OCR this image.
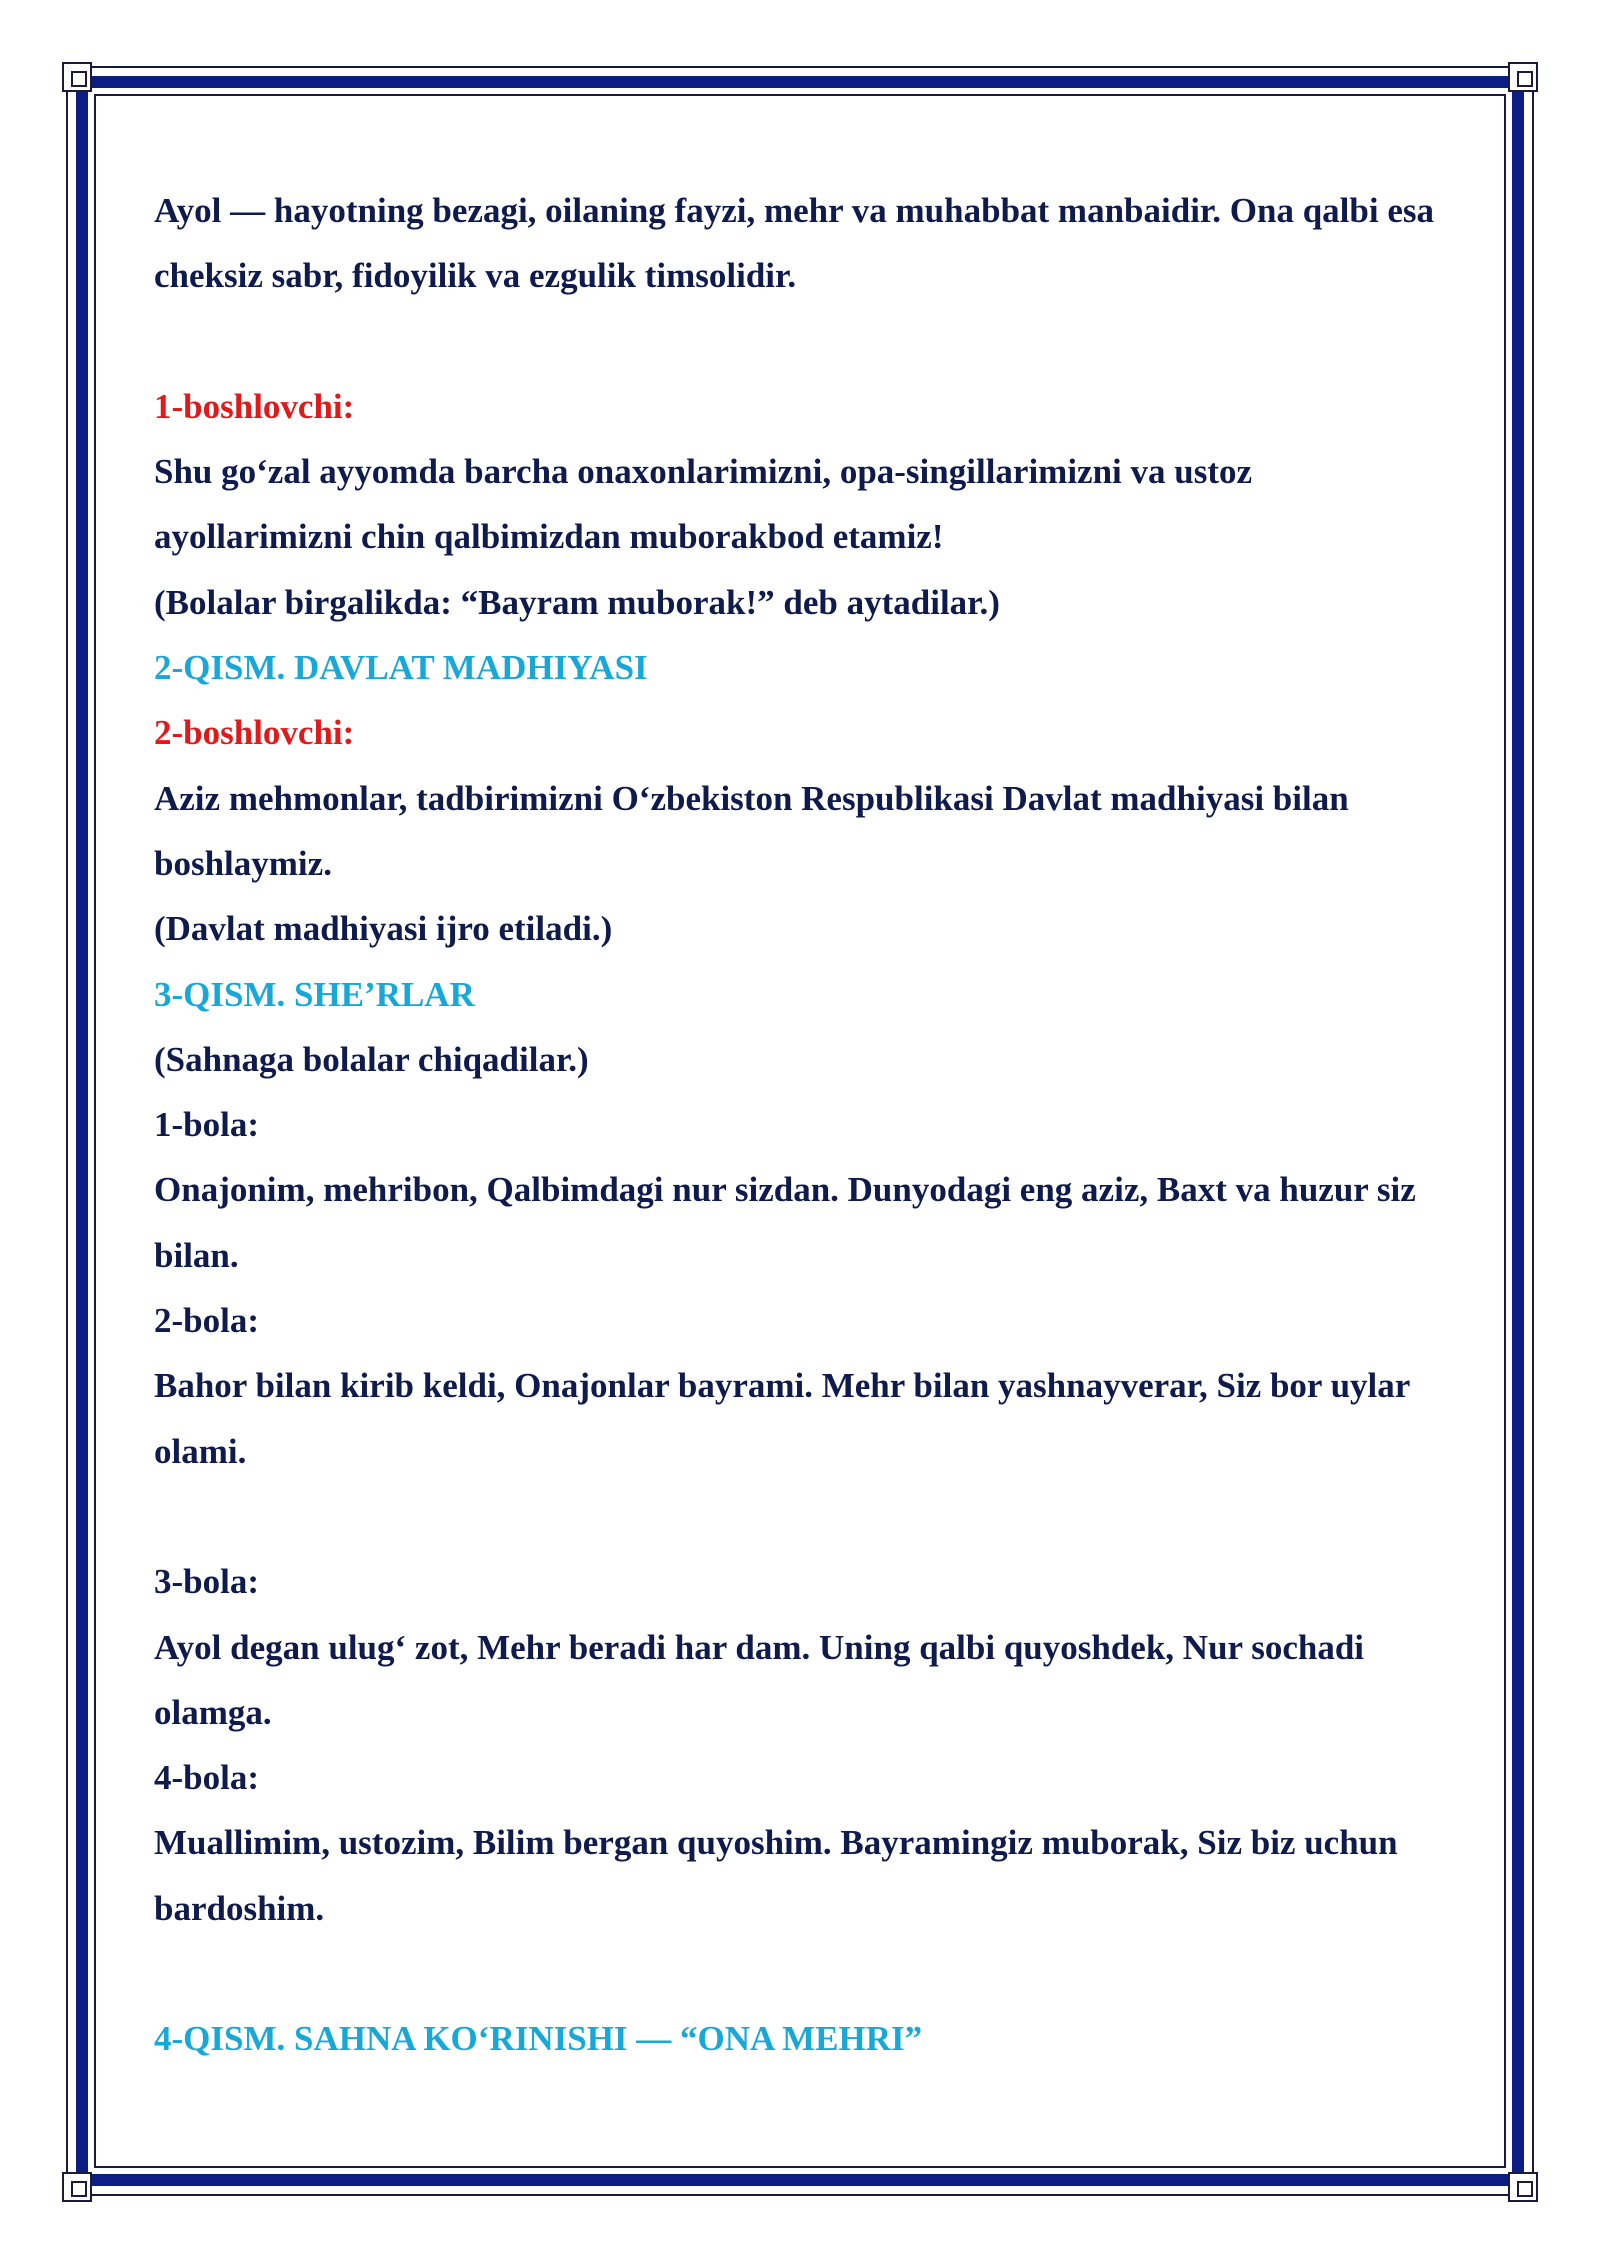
Ayol — hayotning bezagi, oilaning fayzi, mehr va muhabbat manbaidir. Ona qalbi esa cheksiz sabr, fidoyilik va ezgulik timsolidir.

1-boshlovchi:

Shu go‘zal ayyomda barcha onaxonlarimizni, opa-singillarimizni va ustoz ayollarimizni chin qalbimizdan muborakbod etamiz!

(Bolalar birgalikda: “Bayram muborak!” deb aytadilar.)

2-QISM. DAVLAT MADHIYASI

2-boshlovchi:

Aziz mehmonlar, tadbirimizni O‘zbekiston Respublikasi Davlat madhiyasi bilan boshlaymiz.

(Davlat madhiyasi ijro etiladi.)

3-QISM. SHE’RLAR

(Sahnaga bolalar chiqadilar.)

1-bola:

Onajonim, mehribon, Qalbimdagi nur sizdan. Dunyodagi eng aziz, Baxt va huzur siz bilan.

2-bola:

Bahor bilan kirib keldi, Onajonlar bayrami. Mehr bilan yashnayverar, Siz bor uylar olami.

3-bola:

Ayol degan ulug‘ zot, Mehr beradi har dam. Uning qalbi quyoshdek, Nur sochadi olamga.

4-bola:

Muallimim, ustozim, Bilim bergan quyoshim. Bayramingiz muborak, Siz biz uchun bardoshim.

4-QISM. SAHNA KO‘RINISHI — “ONA MEHRI”
